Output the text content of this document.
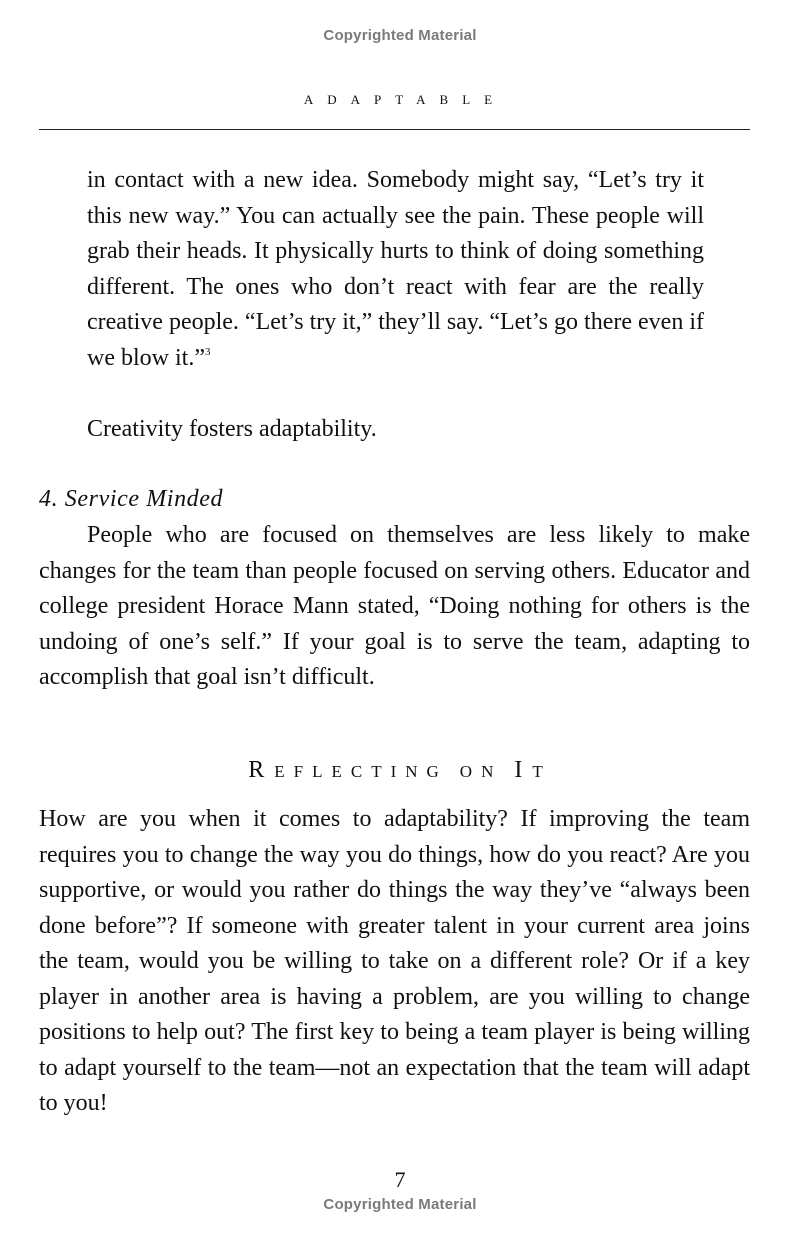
Copyrighted Material
ADAPTABLE

in contact with a new idea. Somebody might say, “Let’s try it this new way.” You can actually see the pain. These people will grab their heads. It physically hurts to think of doing something different. The ones who don’t react with fear are the really creative people. “Let’s try it,” they’ll say. “Let’s go there even if we blow it.”$^3$

Creativity fosters adaptability.
4. Service Minded

People who are focused on themselves are less likely to make changes for the team than people focused on serving others. Educator and college president Horace Mann stated, “Doing nothing for others is the undoing of one’s self.” If your goal is to serve the team, adapting to accomplish that goal isn’t difficult.

REFLECTING ON IT

How are you when it comes to adaptability? If improving the team requires you to change the way you do things, how do you react? Are you supportive, or would you rather do things the way they’ve “always been done before”? If someone with greater talent in your current area joins the team, would you be willing to take on a different role? Or if a key player in another area is having a problem, are you willing to change positions to help out? The first key to being a team player is being willing to adapt yourself to the team—not an expectation that the team will adapt to you!

7
Copyrighted Material
